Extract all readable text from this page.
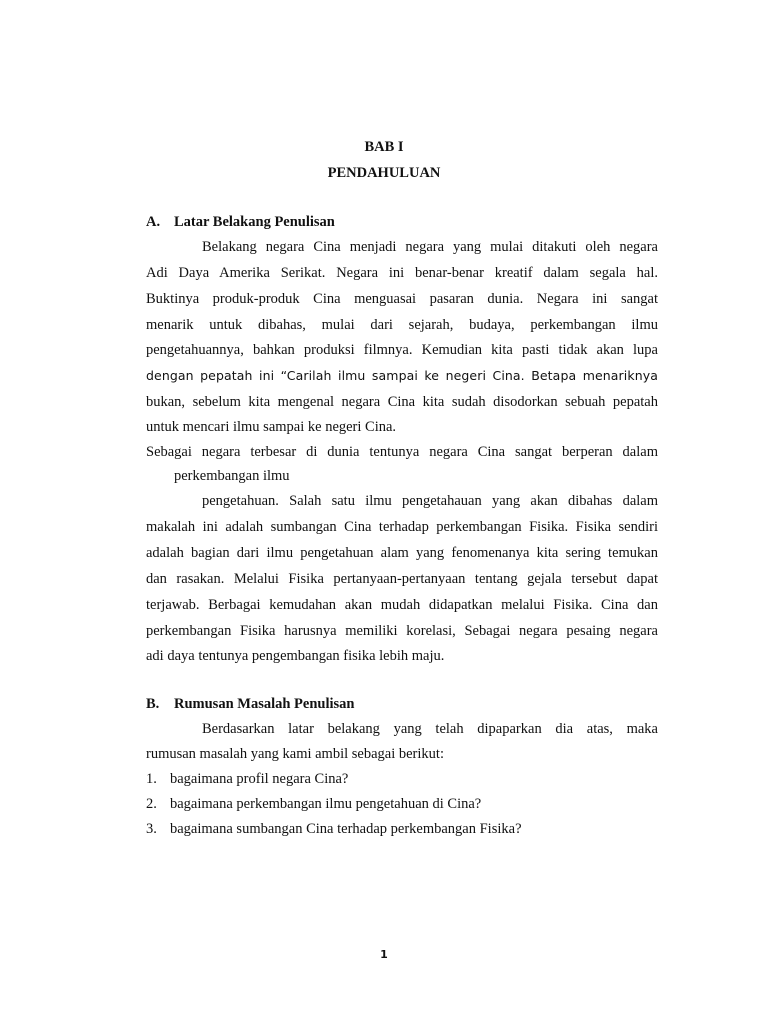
BAB I
PENDAHULUAN
A. Latar Belakang Penulisan
Belakang negara Cina menjadi negara yang mulai ditakuti oleh negara
Adi Daya Amerika Serikat. Negara ini benar-benar kreatif dalam segala hal.
Buktinya produk-produk Cina menguasai pasaran dunia. Negara ini sangat
menarik untuk dibahas, mulai dari sejarah, budaya, perkembangan ilmu
pengetahuannya, bahkan produksi filmnya. Kemudian kita pasti tidak akan lupa
dengan pepatah ini “Carilah ilmu sampai ke negeri Cina. Betapa menariknya
bukan, sebelum kita mengenal negara Cina kita sudah disodorkan sebuah pepatah
untuk mencari ilmu sampai ke negeri Cina.
Sebagai negara terbesar di dunia tentunya negara Cina sangat berperan dalam
perkembangan ilmu
pengetahuan. Salah satu ilmu pengetahauan yang akan dibahas dalam
makalah ini adalah sumbangan Cina terhadap perkembangan Fisika. Fisika sendiri
adalah bagian dari ilmu pengetahuan alam yang fenomenanya kita sering temukan
dan rasakan. Melalui Fisika pertanyaan-pertanyaan tentang gejala tersebut dapat
terjawab. Berbagai kemudahan akan mudah didapatkan melalui Fisika. Cina dan
perkembangan Fisika harusnya memiliki korelasi, Sebagai negara pesaing negara
adi daya tentunya pengembangan fisika lebih maju.
B. Rumusan Masalah Penulisan
Berdasarkan latar belakang yang telah dipaparkan dia atas, maka
rumusan masalah yang kami ambil sebagai berikut:
1. bagaimana profil negara Cina?
2. bagaimana perkembangan ilmu pengetahuan di Cina?
3. bagaimana sumbangan Cina terhadap perkembangan Fisika?
1
